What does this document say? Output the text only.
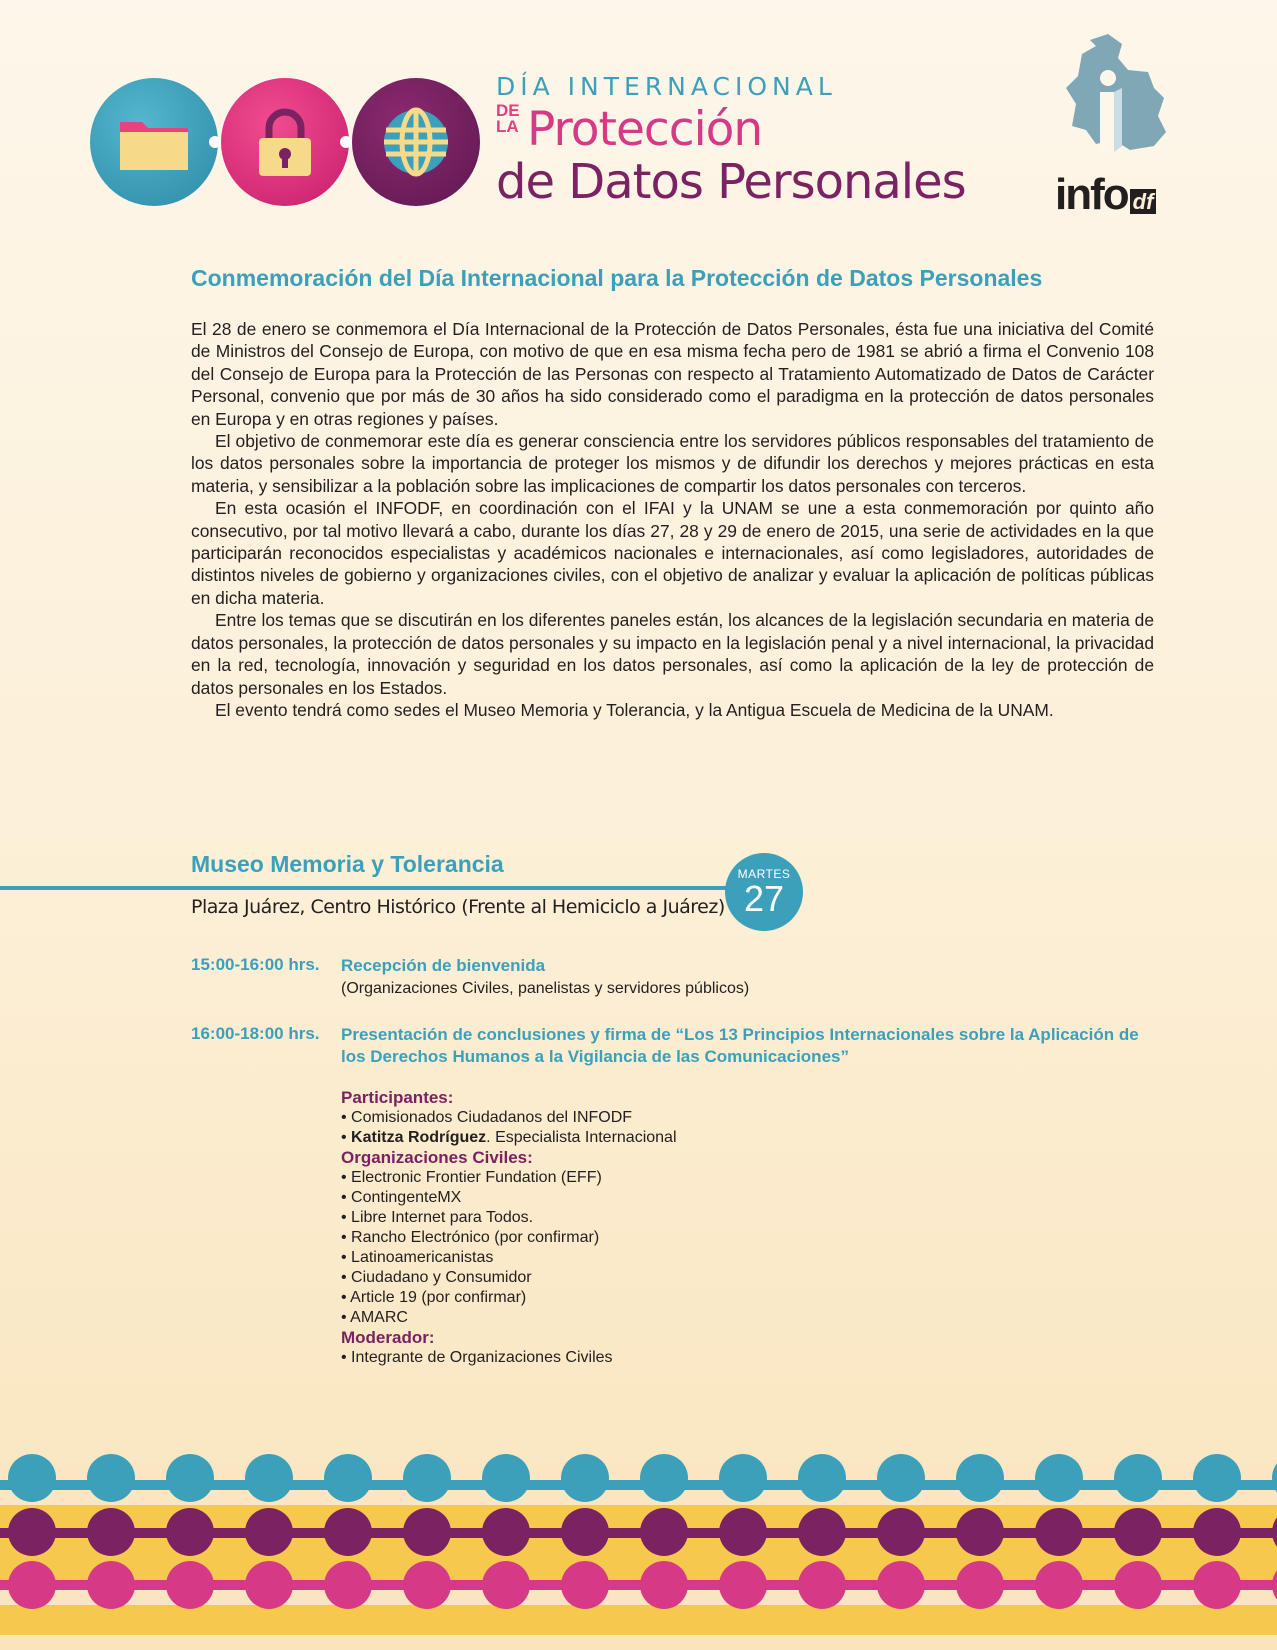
DÍA INTERNACIONAL
DE
LA Protección
de Datos Personales info df
Conmemoración del Día Internacional para la Protección de Datos Personales

El 28 de enero se conmemora el Día Internacional de la Protección de Datos Personales, ésta fue una iniciativa del Comité de Ministros del Consejo de Europa, con motivo de que en esa misma fecha pero de 1981 se abrió a firma el Convenio 108 del Consejo de Europa para la Protección de las Personas con respecto al Tratamiento Automatizado de Datos de Carácter Personal, convenio que por más de 30 años ha sido considerado como el paradigma en la protección de datos personales en Europa y en otras regiones y países.

El objetivo de conmemorar este día es generar consciencia entre los servidores públicos responsables del tratamiento de los datos personales sobre la importancia de proteger los mismos y de difundir los derechos y mejores prácticas en esta materia, y sensibilizar a la población sobre las implicaciones de compartir los datos personales con terceros.

En esta ocasión el INFODF, en coordinación con el IFAI y la UNAM se une a esta conmemoración por quinto año consecutivo, por tal motivo llevará a cabo, durante los días 27, 28 y 29 de enero de 2015, una serie de actividades en la que participarán reconocidos especialistas y académicos nacionales e internacionales, así como legisladores, autoridades de distintos niveles de gobierno y organizaciones civiles, con el objetivo de analizar y evaluar la aplicación de políticas públicas en dicha materia.

Entre los temas que se discutirán en los diferentes paneles están, los alcances de la legislación secundaria en materia de datos personales, la protección de datos personales y su impacto en la legislación penal y a nivel internacional, la privacidad en la red, tecnología, innovación y seguridad en los datos personales, así como la aplicación de la ley de protección de datos personales en los Estados.

El evento tendrá como sedes el Museo Memoria y Tolerancia, y la Antigua Escuela de Medicina de la UNAM.

Museo Memoria y Tolerancia
Plaza Juárez, Centro Histórico (Frente al Hemiciclo a Juárez)
MARTES
27
15:00-16:00 hrs.	Recepción de bienvenida
(Organizaciones Civiles, panelistas y servidores públicos)
16:00-18:00 hrs.	Presentación de conclusiones y firma de “Los 13 Principios Internacionales sobre la Aplicación de los Derechos Humanos a la Vigilancia de las Comunicaciones”
Participantes:
• Comisionados Ciudadanos del INFODF
• Katitza Rodríguez. Especialista Internacional
Organizaciones Civiles:
• Electronic Frontier Fundation (EFF)
• ContingenteMX
• Libre Internet para Todos.
• Rancho Electrónico (por confirmar)
• Latinoamericanistas
• Ciudadano y Consumidor
• Article 19 (por confirmar)
• AMARC
Moderador:
• Integrante de Organizaciones Civiles
